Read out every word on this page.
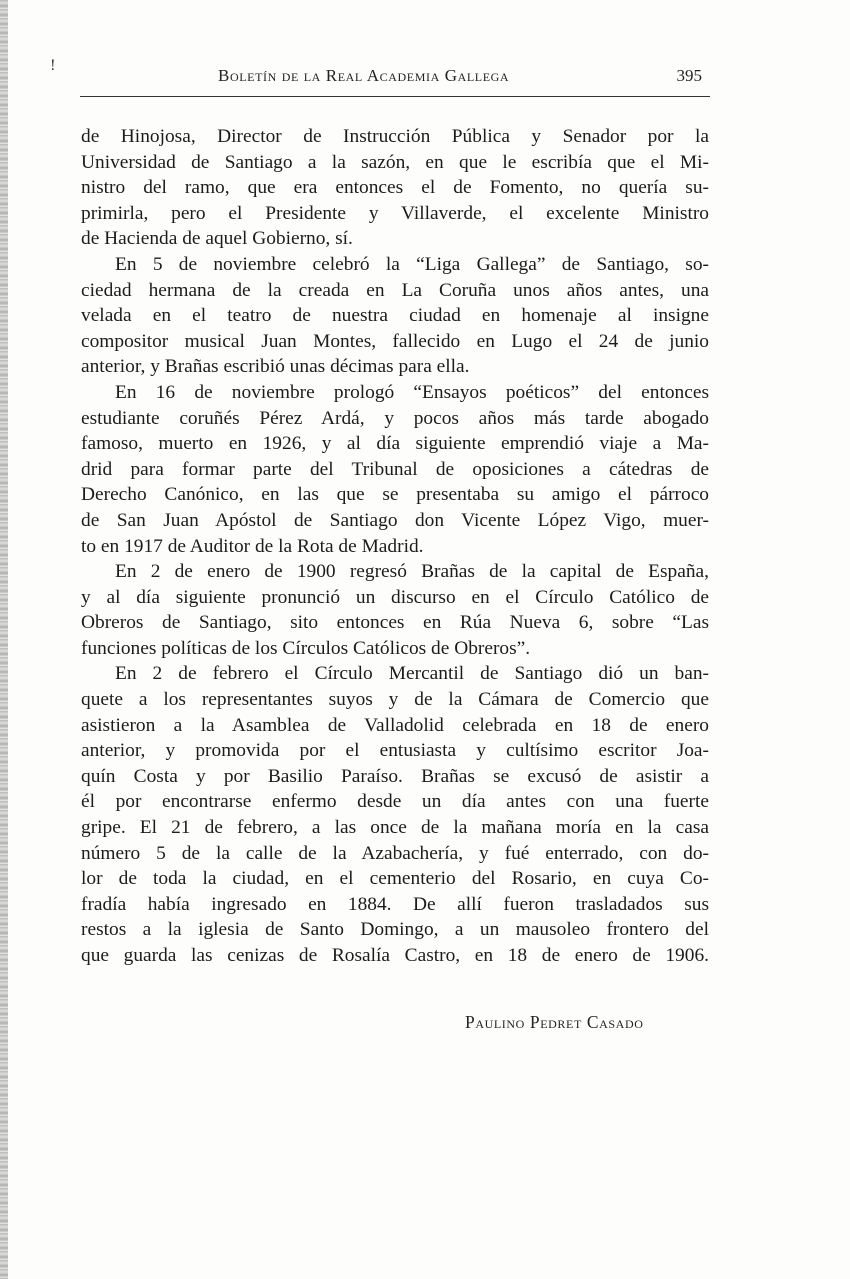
!	Boletín de la Real Academia Gallega	395
de Hinojosa, Director de Instrucción Pública y Senador por la
Universidad de Santiago a la sazón, en que le escribía que el Mi-
nistro del ramo, que era entonces el de Fomento, no quería su-
primirla, pero el Presidente y Villaverde, el excelente Ministro
de Hacienda de aquel Gobierno, sí.
En 5 de noviembre celebró la “Liga Gallega” de Santiago, so-
ciedad hermana de la creada en La Coruña unos años antes, una
velada en el teatro de nuestra ciudad en homenaje al insigne
compositor musical Juan Montes, fallecido en Lugo el 24 de junio
anterior, y Brañas escribió unas décimas para ella.
En 16 de noviembre prologó “Ensayos poéticos” del entonces
estudiante coruñés Pérez Ardá, y pocos años más tarde abogado
famoso, muerto en 1926, y al día siguiente emprendió viaje a Ma-
drid para formar parte del Tribunal de oposiciones a cátedras de
Derecho Canónico, en las que se presentaba su amigo el párroco
de San Juan Apóstol de Santiago don Vicente López Vigo, muer-
to en 1917 de Auditor de la Rota de Madrid.
En 2 de enero de 1900 regresó Brañas de la capital de España,
y al día siguiente pronunció un discurso en el Círculo Católico de
Obreros de Santiago, sito entonces en Rúa Nueva 6, sobre “Las
funciones políticas de los Círculos Católicos de Obreros”.
En 2 de febrero el Círculo Mercantil de Santiago dió un ban-
quete a los representantes suyos y de la Cámara de Comercio que
asistieron a la Asamblea de Valladolid celebrada en 18 de enero
anterior, y promovida por el entusiasta y cultísimo escritor Joa-
quín Costa y por Basilio Paraíso. Brañas se excusó de asistir a
él por encontrarse enfermo desde un día antes con una fuerte
gripe. El 21 de febrero, a las once de la mañana moría en la casa
número 5 de la calle de la Azabachería, y fué enterrado, con do-
lor de toda la ciudad, en el cementerio del Rosario, en cuya Co-
fradía había ingresado en 1884. De allí fueron trasladados sus
restos a la iglesia de Santo Domingo, a un mausoleo frontero del
que guarda las cenizas de Rosalía Castro, en 18 de enero de 1906.
Paulino Pedret Casado
